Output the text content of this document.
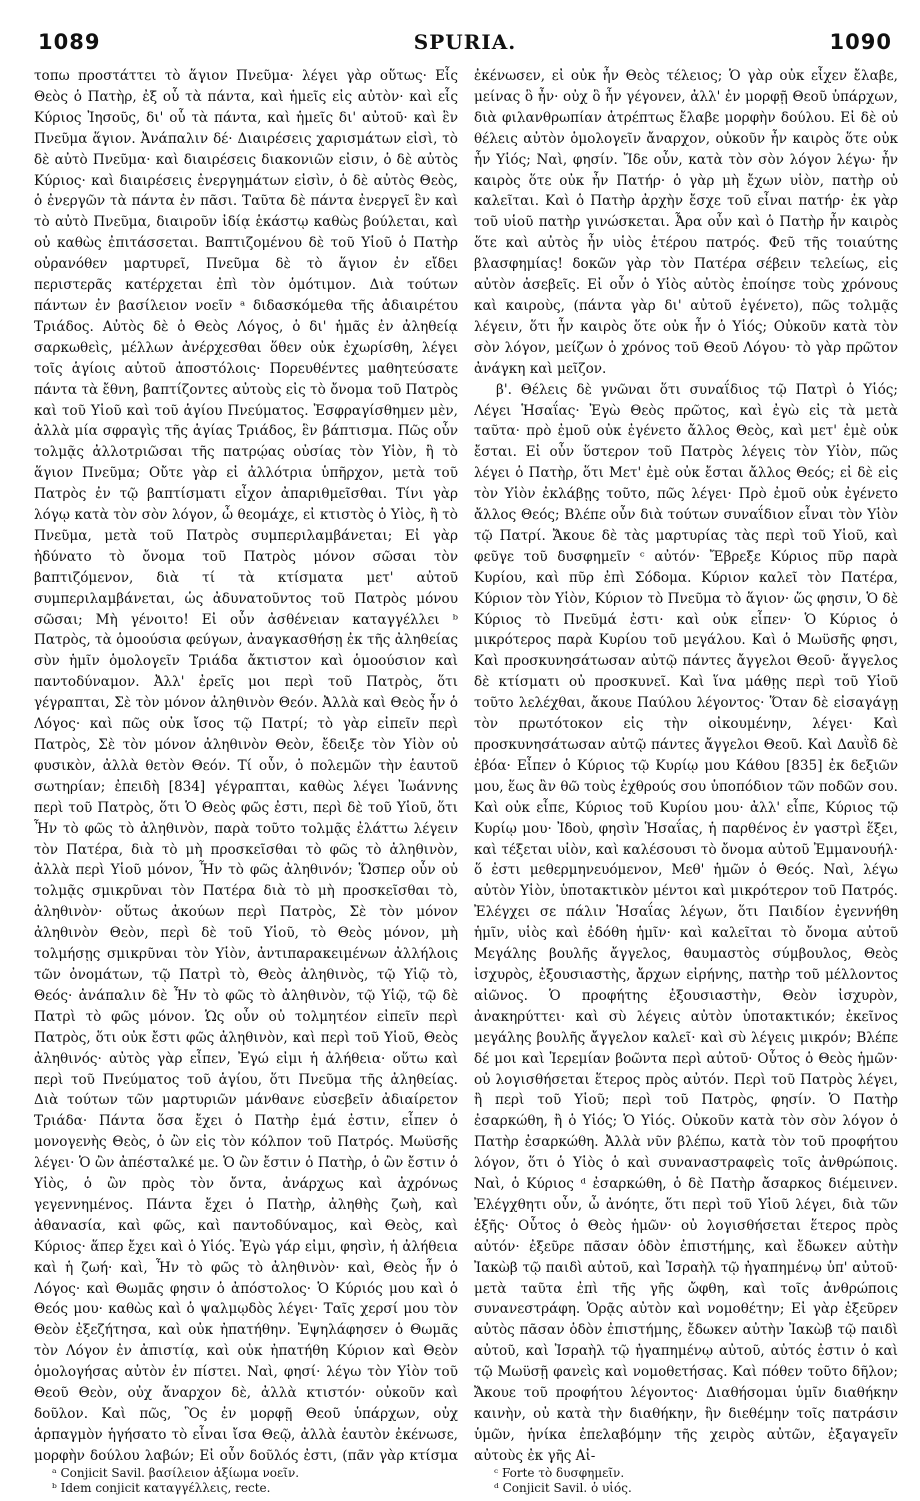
1089	SPURIA.	1090

τοπω προστάττει τὸ ἅγιον Πνεῦμα· λέγει γὰρ οὕτως· Εἷς Θεὸς ὁ Πατὴρ, ἐξ οὗ τὰ πάντα, καὶ ἡμεῖς εἰς αὐτὸν· καὶ εἷς Κύριος Ἰησοῦς, δι' οὗ τὰ πάντα, καὶ ἡμεῖς δι' αὐτοῦ· καὶ ἓν Πνεῦμα ἅγιον. Ἀνάπαλιν δέ· Διαιρέσεις χαρισμάτων εἰσὶ, τὸ δὲ αὐτὸ Πνεῦμα· καὶ διαιρέσεις διακονιῶν εἰσιν, ὁ δὲ αὐτὸς Κύριος· καὶ διαιρέσεις ἐνεργημάτων εἰσὶν, ὁ δὲ αὐτὸς Θεὸς, ὁ ἐνεργῶν τὰ πάντα ἐν πᾶσι. Ταῦτα δὲ πάντα ἐνεργεῖ ἓν καὶ τὸ αὐτὸ Πνεῦμα, διαιροῦν ἰδίᾳ ἑκάστῳ καθὼς βούλεται, καὶ οὐ καθὼς ἐπιτάσσεται. Βαπτιζομένου δὲ τοῦ Υἱοῦ ὁ Πατὴρ οὐρανόθεν μαρτυρεῖ, Πνεῦμα δὲ τὸ ἅγιον ἐν εἴδει περιστερᾶς κατέρχεται ἐπὶ τὸν ὁμότιμον. Διὰ τούτων πάντων ἐν βασίλειον νοεῖν ᵃ διδασκόμεθα τῆς ἀδιαιρέτου Τριάδος. Αὐτὸς δὲ ὁ Θεὸς Λόγος, ὁ δι' ἡμᾶς ἐν ἀληθείᾳ σαρκωθεὶς, μέλλων ἀνέρχεσθαι ὅθεν οὐκ ἐχωρίσθη, λέγει τοῖς ἁγίοις αὐτοῦ ἀποστόλοις· Πορευθέντες μαθητεύσατε πάντα τὰ ἔθνη, βαπτίζοντες αὐτοὺς εἰς τὸ ὄνομα τοῦ Πατρὸς καὶ τοῦ Υἱοῦ καὶ τοῦ ἁγίου Πνεύματος. Ἐσφραγίσθημεν μὲν, ἀλλὰ μία σφραγὶς τῆς ἁγίας Τριάδος, ἓν βάπτισμα. Πῶς οὖν τολμᾷς ἀλλοτριῶσαι τῆς πατρῴας οὐσίας τὸν Υἱὸν, ἢ τὸ ἅγιον Πνεῦμα; Οὔτε γὰρ εἰ ἀλλότρια ὑπῆρχον, μετὰ τοῦ Πατρὸς ἐν τῷ βαπτίσματι εἶχον ἀπαριθμεῖσθαι. Τίνι γὰρ λόγῳ κατὰ τὸν σὸν λόγον, ὦ θεομάχε, εἰ κτιστὸς ὁ Υἱὸς, ἢ τὸ Πνεῦμα, μετὰ τοῦ Πατρὸς συμπεριλαμβάνεται; Εἰ γὰρ ἠδύνατο τὸ ὄνομα τοῦ Πατρὸς μόνον σῶσαι τὸν βαπτιζόμενον, διὰ τί τὰ κτίσματα μετ' αὐτοῦ συμπεριλαμβάνεται, ὡς ἀδυνατοῦντος τοῦ Πατρὸς μόνου σῶσαι; Μὴ γένοιτο! Εἰ οὖν ἀσθένειαν καταγγέλλει ᵇ Πατρὸς, τὰ ὁμοούσια φεύγων, ἀναγκασθήσῃ ἐκ τῆς ἀληθείας σὺν ἡμῖν ὁμολογεῖν Τριάδα ἄκτιστον καὶ ὁμοούσιον καὶ παντοδύναμον. Ἀλλ' ἐρεῖς μοι περὶ τοῦ Πατρὸς, ὅτι γέγραπται, Σὲ τὸν μόνον ἀληθινὸν Θεόν. Ἀλλὰ καὶ Θεὸς ἦν ὁ Λόγος· καὶ πῶς οὐκ ἴσος τῷ Πατρί; τὸ γὰρ εἰπεῖν περὶ Πατρὸς, Σὲ τὸν μόνον ἀληθινὸν Θεὸν, ἔδειξε τὸν Υἱὸν οὐ φυσικὸν, ἀλλὰ θετὸν Θεόν. Τί οὖν, ὁ πολεμῶν τὴν ἑαυτοῦ σωτηρίαν; ἐπειδὴ [834] γέγραπται, καθὼς λέγει Ἰωάννης περὶ τοῦ Πατρὸς, ὅτι Ὁ Θεὸς φῶς ἐστι, περὶ δὲ τοῦ Υἱοῦ, ὅτι Ἦν τὸ φῶς τὸ ἀληθινὸν, παρὰ τοῦτο τολμᾷς ἐλάττω λέγειν τὸν Πατέρα, διὰ τὸ μὴ προσκεῖσθαι τὸ φῶς τὸ ἀληθινὸν, ἀλλὰ περὶ Υἱοῦ μόνον, Ἦν τὸ φῶς ἀληθινόν; Ὥσπερ οὖν οὐ τολμᾷς σμικρῦναι τὸν Πατέρα διὰ τὸ μὴ προσκεῖσθαι τὸ, ἀληθινὸν· οὕτως ἀκούων περὶ Πατρὸς, Σὲ τὸν μόνον ἀληθινὸν Θεὸν, περὶ δὲ τοῦ Υἱοῦ, τὸ Θεὸς μόνον, μὴ τολμήσῃς σμικρῦναι τὸν Υἱὸν, ἀντιπαρακειμένων ἀλλήλοις τῶν ὀνομάτων, τῷ Πατρὶ τὸ, Θεὸς ἀληθινὸς, τῷ Υἱῷ τὸ, Θεός· ἀνάπαλιν δὲ Ἦν τὸ φῶς τὸ ἀληθινὸν, τῷ Υἱῷ, τῷ δὲ Πατρὶ τὸ φῶς μόνον. Ὡς οὖν οὐ τολμητέον εἰπεῖν περὶ Πατρὸς, ὅτι οὐκ ἔστι φῶς ἀληθινὸν, καὶ περὶ τοῦ Υἱοῦ, Θεὸς ἀληθινός· αὐτὸς γὰρ εἶπεν, Ἐγώ εἰμι ἡ ἀλήθεια· οὕτω καὶ περὶ τοῦ Πνεύματος τοῦ ἁγίου, ὅτι Πνεῦμα τῆς ἀληθείας. Διὰ τούτων τῶν μαρτυριῶν μάνθανε εὐσεβεῖν ἀδιαίρετον Τριάδα· Πάντα ὅσα ἔχει ὁ Πατὴρ ἐμά ἐστιν, εἶπεν ὁ μονογενὴς Θεὸς, ὁ ὢν εἰς τὸν κόλπον τοῦ Πατρός. Μωϋσῆς λέγει· Ὁ ὢν ἀπέσταλκέ με. Ὁ ὢν ἔστιν ὁ Πατὴρ, ὁ ὢν ἔστιν ὁ Υἱὸς, ὁ ὢν πρὸς τὸν ὄντα, ἀνάρχως καὶ ἀχρόνως γεγεννημένος. Πάντα ἔχει ὁ Πατὴρ, ἀληθὴς ζωὴ, καὶ ἀθανασία, καὶ φῶς, καὶ παντοδύναμος, καὶ Θεὸς, καὶ Κύριος· ἅπερ ἔχει καὶ ὁ Υἱός. Ἐγὼ γάρ εἰμι, φησὶν, ἡ ἀλήθεια καὶ ἡ ζωή· καὶ, Ἦν τὸ φῶς τὸ ἀληθινὸν· καὶ, Θεὸς ἦν ὁ Λόγος· καὶ Θωμᾶς φησιν ὁ ἀπόστολος· Ὁ Κύριός μου καὶ ὁ Θεός μου· καθὼς καὶ ὁ ψαλμῳδὸς λέγει· Ταῖς χερσί μου τὸν Θεὸν ἐξεζήτησα, καὶ οὐκ ἠπατήθην. Ἐψηλάφησεν ὁ Θωμᾶς τὸν Λόγον ἐν ἀπιστίᾳ, καὶ οὐκ ἠπατήθη Κύριον καὶ Θεὸν ὁμολογήσας αὐτὸν ἐν πίστει. Ναὶ, φησί· λέγω τὸν Υἱὸν τοῦ Θεοῦ Θεὸν, οὐχ ἄναρχον δὲ, ἀλλὰ κτιστόν· οὐκοῦν καὶ δοῦλον. Καὶ πῶς, Ὃς ἐν μορφῇ Θεοῦ ὑπάρχων, οὐχ ἁρπαγμὸν ἡγήσατο τὸ εἶναι ἴσα Θεῷ, ἀλλὰ ἑαυτὸν ἐκένωσε, μορφὴν δούλου λαβών; Εἰ οὖν δοῦλός ἐστι, (πᾶν γὰρ κτίσμα

ἐκένωσεν, εἰ οὐκ ἦν Θεὸς τέλειος; Ὁ γὰρ οὐκ εἶχεν ἔλαβε, μείνας ὃ ἦν· οὐχ ὃ ἦν γέγονεν, ἀλλ' ἐν μορφῇ Θεοῦ ὑπάρχων, διὰ φιλανθρωπίαν ἀτρέπτως ἔλαβε μορφὴν δούλου. Εἰ δὲ οὐ θέλεις αὐτὸν ὁμολογεῖν ἄναρχον, οὐκοῦν ἦν καιρὸς ὅτε οὐκ ἦν Υἱός; Ναὶ, φησίν. Ἴδε οὖν, κατὰ τὸν σὸν λόγον λέγω· ἦν καιρὸς ὅτε οὐκ ἦν Πατήρ· ὁ γὰρ μὴ ἔχων υἱὸν, πατὴρ οὐ καλεῖται. Καὶ ὁ Πατὴρ ἀρχὴν ἔσχε τοῦ εἶναι πατήρ· ἐκ γὰρ τοῦ υἱοῦ πατὴρ γινώσκεται. Ἆρα οὖν καὶ ὁ Πατὴρ ἦν καιρὸς ὅτε καὶ αὐτὸς ἦν υἱὸς ἑτέρου πατρός. Φεῦ τῆς τοιαύτης βλασφημίας! δοκῶν γὰρ τὸν Πατέρα σέβειν τελείως, εἰς αὐτὸν ἀσεβεῖς. Εἰ οὖν ὁ Υἱὸς αὐτὸς ἐποίησε τοὺς χρόνους καὶ καιροὺς, (πάντα γὰρ δι' αὐτοῦ ἐγένετο), πῶς τολμᾷς λέγειν, ὅτι ἦν καιρὸς ὅτε οὐκ ἦν ὁ Υἱός; Οὐκοῦν κατὰ τὸν σὸν λόγον, μείζων ὁ χρόνος τοῦ Θεοῦ Λόγου· τὸ γὰρ πρῶτον ἀνάγκη καὶ μεῖζον.

β'. Θέλεις δὲ γνῶναι ὅτι συναΐδιος τῷ Πατρὶ ὁ Υἱός; Λέγει Ἡσαΐας· Ἐγὼ Θεὸς πρῶτος, καὶ ἐγὼ εἰς τὰ μετὰ ταῦτα· πρὸ ἐμοῦ οὐκ ἐγένετο ἄλλος Θεὸς, καὶ μετ' ἐμὲ οὐκ ἔσται. Εἰ οὖν ὕστερον τοῦ Πατρὸς λέγεις τὸν Υἱὸν, πῶς λέγει ὁ Πατὴρ, ὅτι Μετ' ἐμὲ οὐκ ἔσται ἄλλος Θεός; εἰ δὲ εἰς τὸν Υἱὸν ἐκλάβῃς τοῦτο, πῶς λέγει· Πρὸ ἐμοῦ οὐκ ἐγένετο ἄλλος Θεός; Βλέπε οὖν διὰ τούτων συναΐδιον εἶναι τὸν Υἱὸν τῷ Πατρί. Ἄκουε δὲ τὰς μαρτυρίας τὰς περὶ τοῦ Υἱοῦ, καὶ φεῦγε τοῦ δυσφημεῖν ᶜ αὐτόν· Ἔβρεξε Κύριος πῦρ παρὰ Κυρίου, καὶ πῦρ ἐπὶ Σόδομα. Κύριον καλεῖ τὸν Πατέρα, Κύριον τὸν Υἱὸν, Κύριον τὸ Πνεῦμα τὸ ἅγιον· ὥς φησιν, Ὁ δὲ Κύριος τὸ Πνεῦμά ἐστι· καὶ οὐκ εἶπεν· Ὁ Κύριος ὁ μικρότερος παρὰ Κυρίου τοῦ μεγάλου. Καὶ ὁ Μωϋσῆς φησι, Καὶ προσκυνησάτωσαν αὐτῷ πάντες ἄγγελοι Θεοῦ· ἄγγελος δὲ κτίσματι οὐ προσκυνεῖ. Καὶ ἵνα μάθῃς περὶ τοῦ Υἱοῦ τοῦτο λελέχθαι, ἄκουε Παύλου λέγοντος· Ὅταν δὲ εἰσαγάγῃ τὸν πρωτότοκον εἰς τὴν οἰκουμένην, λέγει· Καὶ προσκυνησάτωσαν αὐτῷ πάντες ἄγγελοι Θεοῦ. Καὶ Δαυῒδ δὲ ἐβόα· Εἶπεν ὁ Κύριος τῷ Κυρίῳ μου Κάθου [835] ἐκ δεξιῶν μου, ἕως ἂν θῶ τοὺς ἐχθρούς σου ὑποπόδιον τῶν ποδῶν σου. Καὶ οὐκ εἶπε, Κύριος τοῦ Κυρίου μου· ἀλλ' εἶπε, Κύριος τῷ Κυρίῳ μου· Ἰδοὺ, φησὶν Ἡσαΐας, ἡ παρθένος ἐν γαστρὶ ἕξει, καὶ τέξεται υἱὸν, καὶ καλέσουσι τὸ ὄνομα αὐτοῦ Ἐμμανουήλ· ὅ ἐστι μεθερμηνευόμενον, Μεθ' ἡμῶν ὁ Θεός. Ναὶ, λέγω αὐτὸν Υἱὸν, ὑποτακτικὸν μέντοι καὶ μικρότερον τοῦ Πατρός. Ἐλέγχει σε πάλιν Ἡσαΐας λέγων, ὅτι Παιδίον ἐγεννήθη ἡμῖν, υἱὸς καὶ ἐδόθη ἡμῖν· καὶ καλεῖται τὸ ὄνομα αὐτοῦ Μεγάλης βουλῆς ἄγγελος, θαυμαστὸς σύμβουλος, Θεὸς ἰσχυρὸς, ἐξουσιαστὴς, ἄρχων εἰρήνης, πατὴρ τοῦ μέλλοντος αἰῶνος. Ὁ προφήτης ἐξουσιαστὴν, Θεὸν ἰσχυρὸν, ἀνακηρύττει· καὶ σὺ λέγεις αὐτὸν ὑποτακτικόν; ἐκεῖνος μεγάλης βουλῆς ἄγγελον καλεῖ· καὶ σὺ λέγεις μικρόν; Βλέπε δέ μοι καὶ Ἱερεμίαν βοῶντα περὶ αὐτοῦ· Οὗτος ὁ Θεὸς ἡμῶν· οὐ λογισθήσεται ἕτερος πρὸς αὐτόν. Περὶ τοῦ Πατρὸς λέγει, ἢ περὶ τοῦ Υἱοῦ; περὶ τοῦ Πατρὸς, φησίν. Ὁ Πατὴρ ἐσαρκώθη, ἢ ὁ Υἱός; Ὁ Υἱός. Οὐκοῦν κατὰ τὸν σὸν λόγον ὁ Πατὴρ ἐσαρκώθη. Ἀλλὰ νῦν βλέπω, κατὰ τὸν τοῦ προφήτου λόγον, ὅτι ὁ Υἱὸς ὁ καὶ συναναστραφεὶς τοῖς ἀνθρώποις. Ναὶ, ὁ Κύριος ᵈ ἐσαρκώθη, ὁ δὲ Πατὴρ ἄσαρκος διέμεινεν. Ἐλέγχθητι οὖν, ὦ ἀνόητε, ὅτι περὶ τοῦ Υἱοῦ λέγει, διὰ τῶν ἑξῆς· Οὗτος ὁ Θεὸς ἡμῶν· οὐ λογισθήσεται ἕτερος πρὸς αὐτόν· ἐξεῦρε πᾶσαν ὁδὸν ἐπιστήμης, καὶ ἔδωκεν αὐτὴν Ἰακὼβ τῷ παιδὶ αὐτοῦ, καὶ Ἰσραὴλ τῷ ἠγαπημένῳ ὑπ' αὐτοῦ· μετὰ ταῦτα ἐπὶ τῆς γῆς ὤφθη, καὶ τοῖς ἀνθρώποις συνανεστράφη. Ὁρᾷς αὐτὸν καὶ νομοθέτην; Εἰ γὰρ ἐξεῦρεν αὐτὸς πᾶσαν ὁδὸν ἐπιστήμης, ἔδωκεν αὐτὴν Ἰακὼβ τῷ παιδὶ αὐτοῦ, καὶ Ἰσραὴλ τῷ ἠγαπημένῳ αὐτοῦ, αὐτός ἐστιν ὁ καὶ τῷ Μωϋσῇ φανεὶς καὶ νομοθετήσας. Καὶ πόθεν τοῦτο δῆλον; Ἄκουε τοῦ προφήτου λέγοντος· Διαθήσομαι ὑμῖν διαθήκην καινὴν, οὐ κατὰ τὴν διαθήκην, ἣν διεθέμην τοῖς πατράσιν ὑμῶν, ἡνίκα ἐπελαβόμην τῆς χειρὸς αὐτῶν, ἐξαγαγεῖν αὐτοὺς ἐκ γῆς Αἰ-

ᵃ Conjicit Savil. βασίλειον ἀξίωμα νοεῖν.
ᵇ Idem conjicit καταγγέλλεις, recte.
ᶜ Forte τὸ δυσφημεῖν.
ᵈ Conjicit Savil. ὁ υἱός.
